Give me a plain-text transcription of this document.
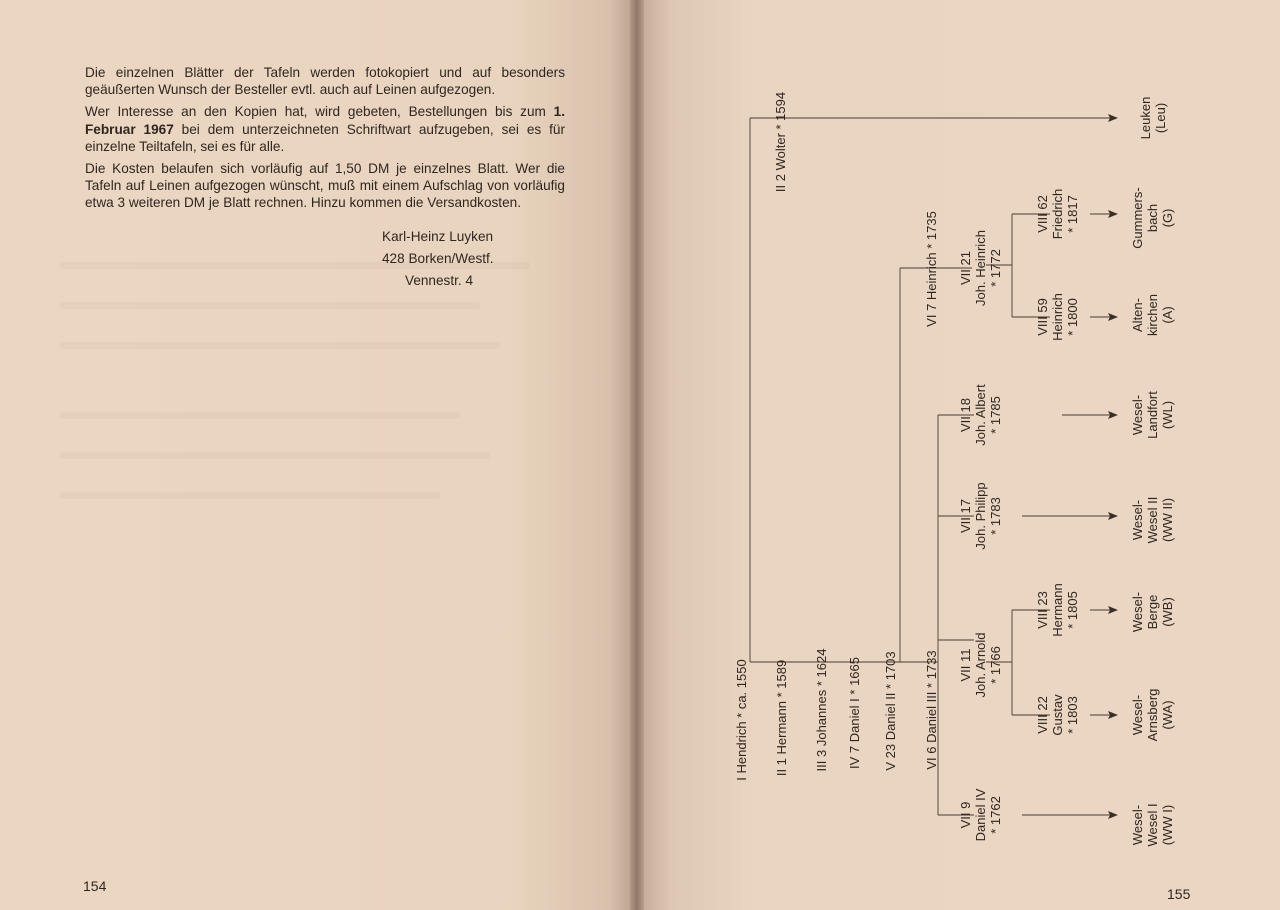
Die einzelnen Blätter der Tafeln werden fotokopiert und auf besonders geäußerten Wunsch der Besteller evtl. auch auf Leinen aufgezogen.

Wer Interesse an den Kopien hat, wird gebeten, Bestellungen bis zum 1. Februar 1967 bei dem unterzeichneten Schriftwart aufzugeben, sei es für einzelne Teiltafeln, sei es für alle.

Die Kosten belaufen sich vorläufig auf 1,50 DM je einzelnes Blatt. Wer die Tafeln auf Leinen aufgezogen wünscht, muß mit einem Aufschlag von vorläufig etwa 3 weiteren DM je Blatt rechnen. Hinzu kommen die Versandkosten.

Karl-Heinz Luyken
428 Borken/Westf.
Vennestr. 4
154	155
I Hendrich * ca. 1550 II 1 Hermann * 1589 III 3 Johannes * 1624 IV 7 Daniel I * 1665 V 23 Daniel II * 1703 VI 6 Daniel III * 1733
II 2 Wolter * 1594
VI 7 Heinrich * 1735
VII 9 Daniel IV * 1762
VII 11 Joh. Arnold * 1766
VII 17 Joh. Philipp * 1783
VII 18 Joh. Albert * 1785
VII 21 Joh. Heinrich * 1772
VIII 22 Gustav * 1803
VIII 23 Hermann * 1805
VIII 59 Heinrich * 1800
VIII 62 Friedrich * 1817
Wesel- Wesel I (WW I)
Wesel- Arnsberg (WA)
Wesel- Berge (WB)
Wesel- Wesel II (WW II)
Wesel- Landfort (WL)
Alten- kirchen (A)
Gummers- bach (G)
Leuken (Leu)
